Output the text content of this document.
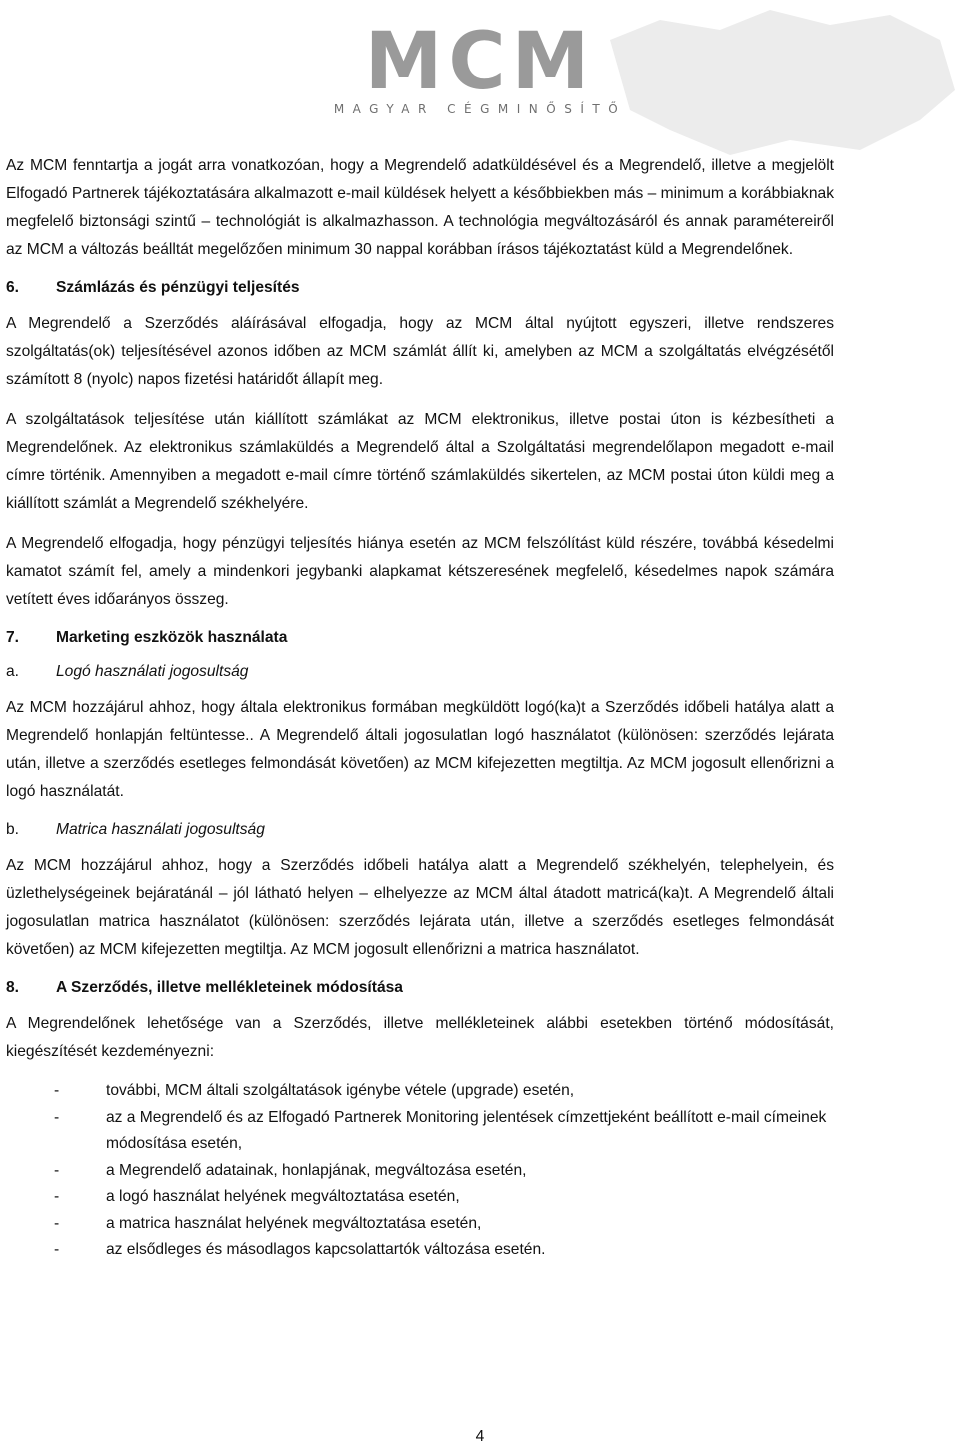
MCM
MAGYAR CÉGMINŐSÍTŐ

Az MCM fenntartja a jogát arra vonatkozóan, hogy a Megrendelő adatküldésével és a Megrendelő, illetve a megjelölt Elfogadó Partnerek tájékoztatására alkalmazott e-mail küldések helyett a későbbiekben más – minimum a korábbiaknak megfelelő biztonsági szintű – technológiát is alkalmazhasson. A technológia megváltozásáról és annak paramétereiről az MCM a változás beálltát megelőzően minimum 30 nappal korábban írásos tájékoztatást küld a Megrendelőnek.

6. Számlázás és pénzügyi teljesítés

A Megrendelő a Szerződés aláírásával elfogadja, hogy az MCM által nyújtott egyszeri, illetve rendszeres szolgáltatás(ok) teljesítésével azonos időben az MCM számlát állít ki, amelyben az MCM a szolgáltatás elvégzésétől számított 8 (nyolc) napos fizetési határidőt állapít meg.

A szolgáltatások teljesítése után kiállított számlákat az MCM elektronikus, illetve postai úton is kézbesítheti a Megrendelőnek. Az elektronikus számlaküldés a Megrendelő által a Szolgáltatási megrendelőlapon megadott e-mail címre történik. Amennyiben a megadott e-mail címre történő számlaküldés sikertelen, az MCM postai úton küldi meg a kiállított számlát a Megrendelő székhelyére.

A Megrendelő elfogadja, hogy pénzügyi teljesítés hiánya esetén az MCM felszólítást küld részére, továbbá késedelmi kamatot számít fel, amely a mindenkori jegybanki alapkamat kétszeresének megfelelő, késedelmes napok számára vetített éves időarányos összeg.

7. Marketing eszközök használata
a. Logó használati jogosultság

Az MCM hozzájárul ahhoz, hogy általa elektronikus formában megküldött logó(ka)t a Szerződés időbeli hatálya alatt a Megrendelő honlapján feltüntesse.. A Megrendelő általi jogosulatlan logó használatot (különösen: szerződés lejárata után, illetve a szerződés esetleges felmondását követően) az MCM kifejezetten megtiltja. Az MCM jogosult ellenőrizni a logó használatát.

b. Matrica használati jogosultság

Az MCM hozzájárul ahhoz, hogy a Szerződés időbeli hatálya alatt a Megrendelő székhelyén, telephelyein, és üzlethelységeinek bejáratánál – jól látható helyen – elhelyezze az MCM által átadott matricá(ka)t. A Megrendelő általi jogosulatlan matrica használatot (különösen: szerződés lejárata után, illetve a szerződés esetleges felmondását követően) az MCM kifejezetten megtiltja. Az MCM jogosult ellenőrizni a matrica használatot.

8. A Szerződés, illetve mellékleteinek módosítása

A Megrendelőnek lehetősége van a Szerződés, illetve mellékleteinek alábbi esetekben történő módosítását, kiegészítését kezdeményezni:

-	további, MCM általi szolgáltatások igénybe vétele (upgrade) esetén,
-	az a Megrendelő és az Elfogadó Partnerek Monitoring jelentések címzettjeként beállított e-mail címeinek módosítása esetén,
-	a Megrendelő adatainak, honlapjának, megváltozása esetén,
-	a logó használat helyének megváltoztatása esetén,
-	a matrica használat helyének megváltoztatása esetén,
-	az elsődleges és másodlagos kapcsolattartók változása esetén.
4
